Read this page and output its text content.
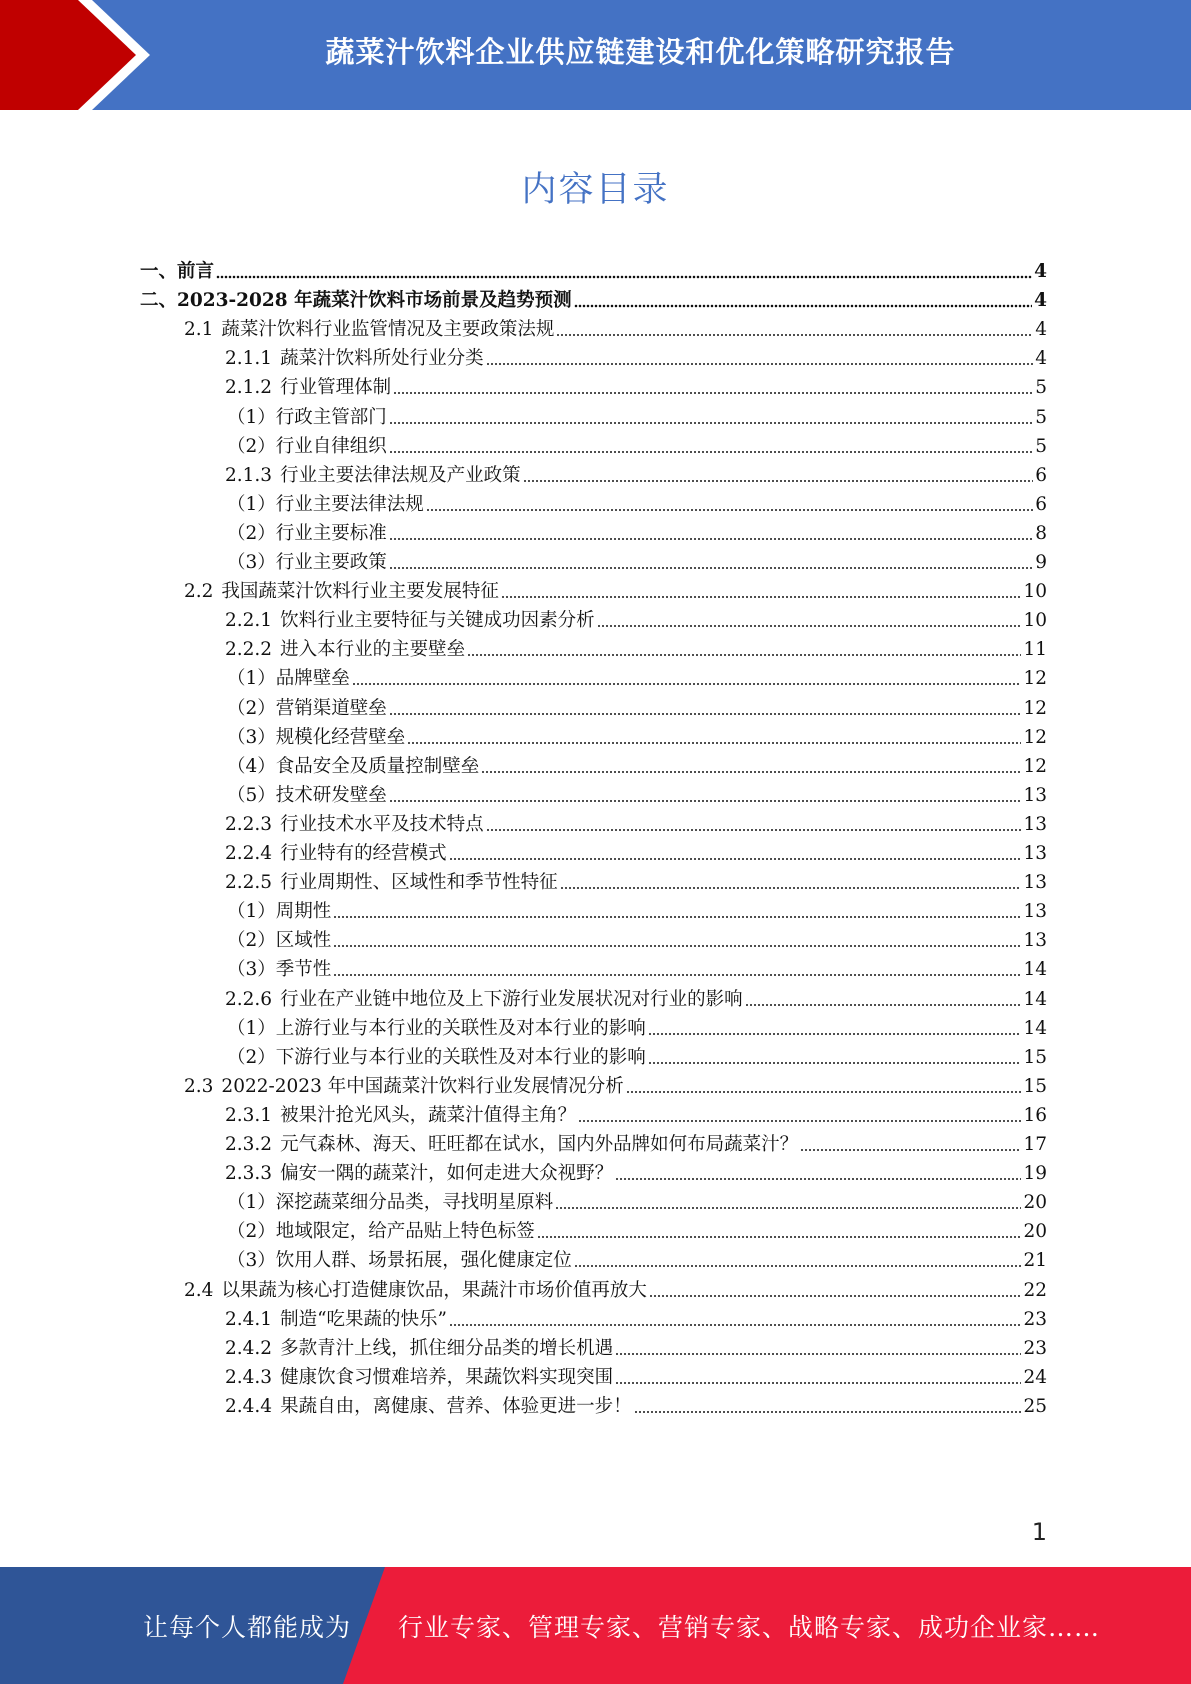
蔬菜汁饮料企业供应链建设和优化策略研究报告
内容目录
一、前言	4
二、2023-2028 年蔬菜汁饮料市场前景及趋势预测	4
2.1 蔬菜汁饮料行业监管情况及主要政策法规	4
2.1.1 蔬菜汁饮料所处行业分类	4
2.1.2 行业管理体制	5
（1） 行政主管部门	5
（2） 行业自律组织	5
2.1.3 行业主要法律法规及产业政策	6
（1） 行业主要法律法规	6
（2） 行业主要标准	8
（3） 行业主要政策	9
2.2 我国蔬菜汁饮料行业主要发展特征	10
2.2.1 饮料行业主要特征与关键成功因素分析	10
2.2.2 进入本行业的主要壁垒	11
（1） 品牌壁垒	12
（2） 营销渠道壁垒	12
（3） 规模化经营壁垒	12
（4） 食品安全及质量控制壁垒	12
（5） 技术研发壁垒	13
2.2.3 行业技术水平及技术特点	13
2.2.4 行业特有的经营模式	13
2.2.5 行业周期性、区域性和季节性特征	13
（1） 周期性	13
（2） 区域性	13
（3） 季节性	14
2.2.6 行业在产业链中地位及上下游行业发展状况对行业的影响	14
（1） 上游行业与本行业的关联性及对本行业的影响	14
（2） 下游行业与本行业的关联性及对本行业的影响	15
2.3 2022-2023 年中国蔬菜汁饮料行业发展情况分析	15
2.3.1 被果汁抢光风头，蔬菜汁值得主角？	16
2.3.2 元气森林、海天、旺旺都在试水，国内外品牌如何布局蔬菜汁？	17
2.3.3 偏安一隅的蔬菜汁，如何走进大众视野？	19
（1） 深挖蔬菜细分品类，寻找明星原料	20
（2） 地域限定，给产品贴上特色标签	20
（3） 饮用人群、场景拓展，强化健康定位	21
2.4 以果蔬为核心打造健康饮品，果蔬汁市场价值再放大	22
2.4.1 制造“吃果蔬的快乐”	23
2.4.2 多款青汁上线，抓住细分品类的增长机遇	23
2.4.3 健康饮食习惯难培养，果蔬饮料实现突围	24
2.4.4 果蔬自由，离健康、营养、体验更进一步！	25
1
让每个人都能成为 行业专家、管理专家、营销专家、战略专家、成功企业家……
